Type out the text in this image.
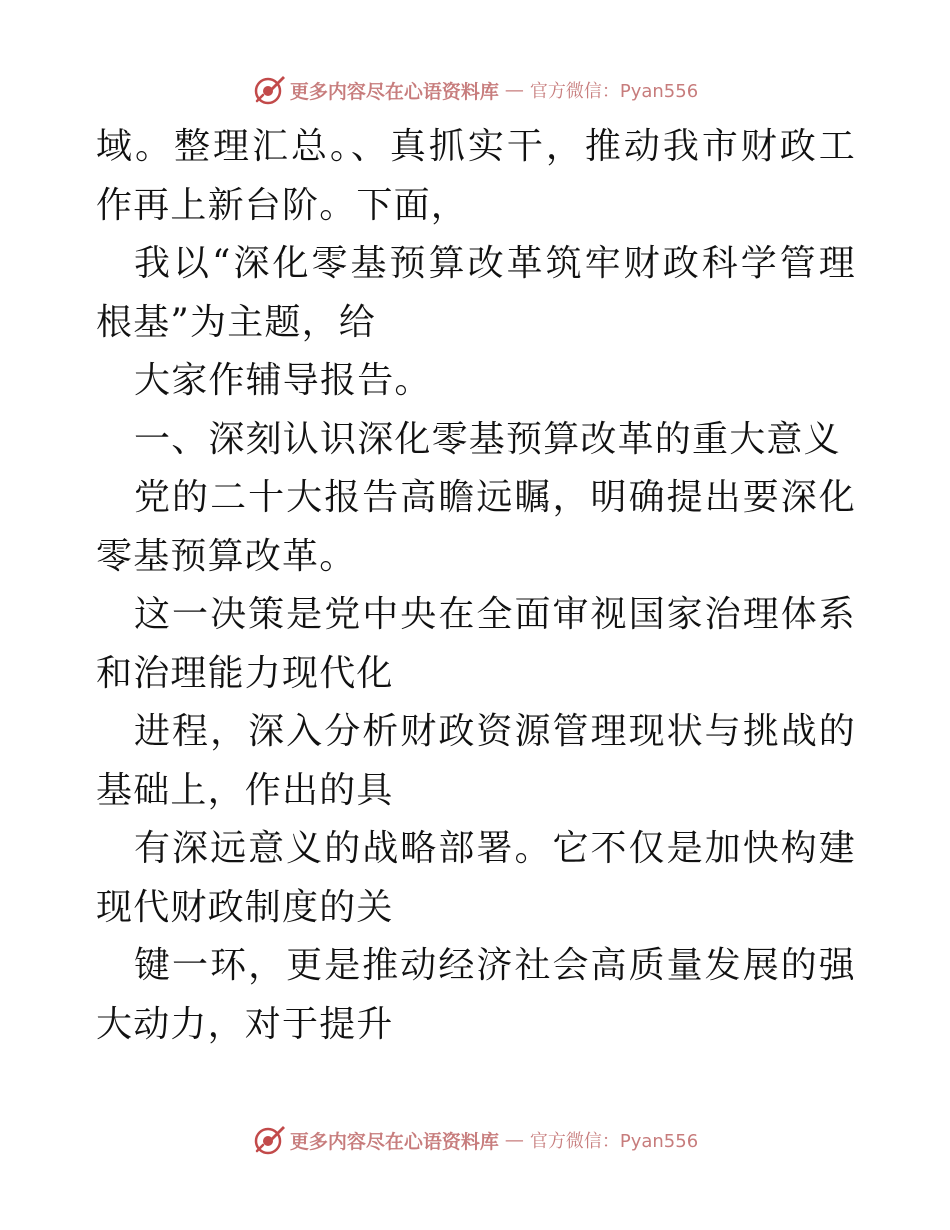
更多内容尽在心语资料库 — 官方微信：Pyan556

域。整理汇总。、真抓实干，推动我市财政工作再上新台阶。下面，

我以“深化零基预算改革筑牢财政科学管理根基”为主题，给

大家作辅导报告。

一、深刻认识深化零基预算改革的重大意义

党的二十大报告高瞻远瞩，明确提出要深化零基预算改革。

这一决策是党中央在全面审视国家治理体系和治理能力现代化

进程，深入分析财政资源管理现状与挑战的基础上，作出的具

有深远意义的战略部署。它不仅是加快构建现代财政制度的关

键一环，更是推动经济社会高质量发展的强大动力，对于提升

更多内容尽在心语资料库 — 官方微信：Pyan556
